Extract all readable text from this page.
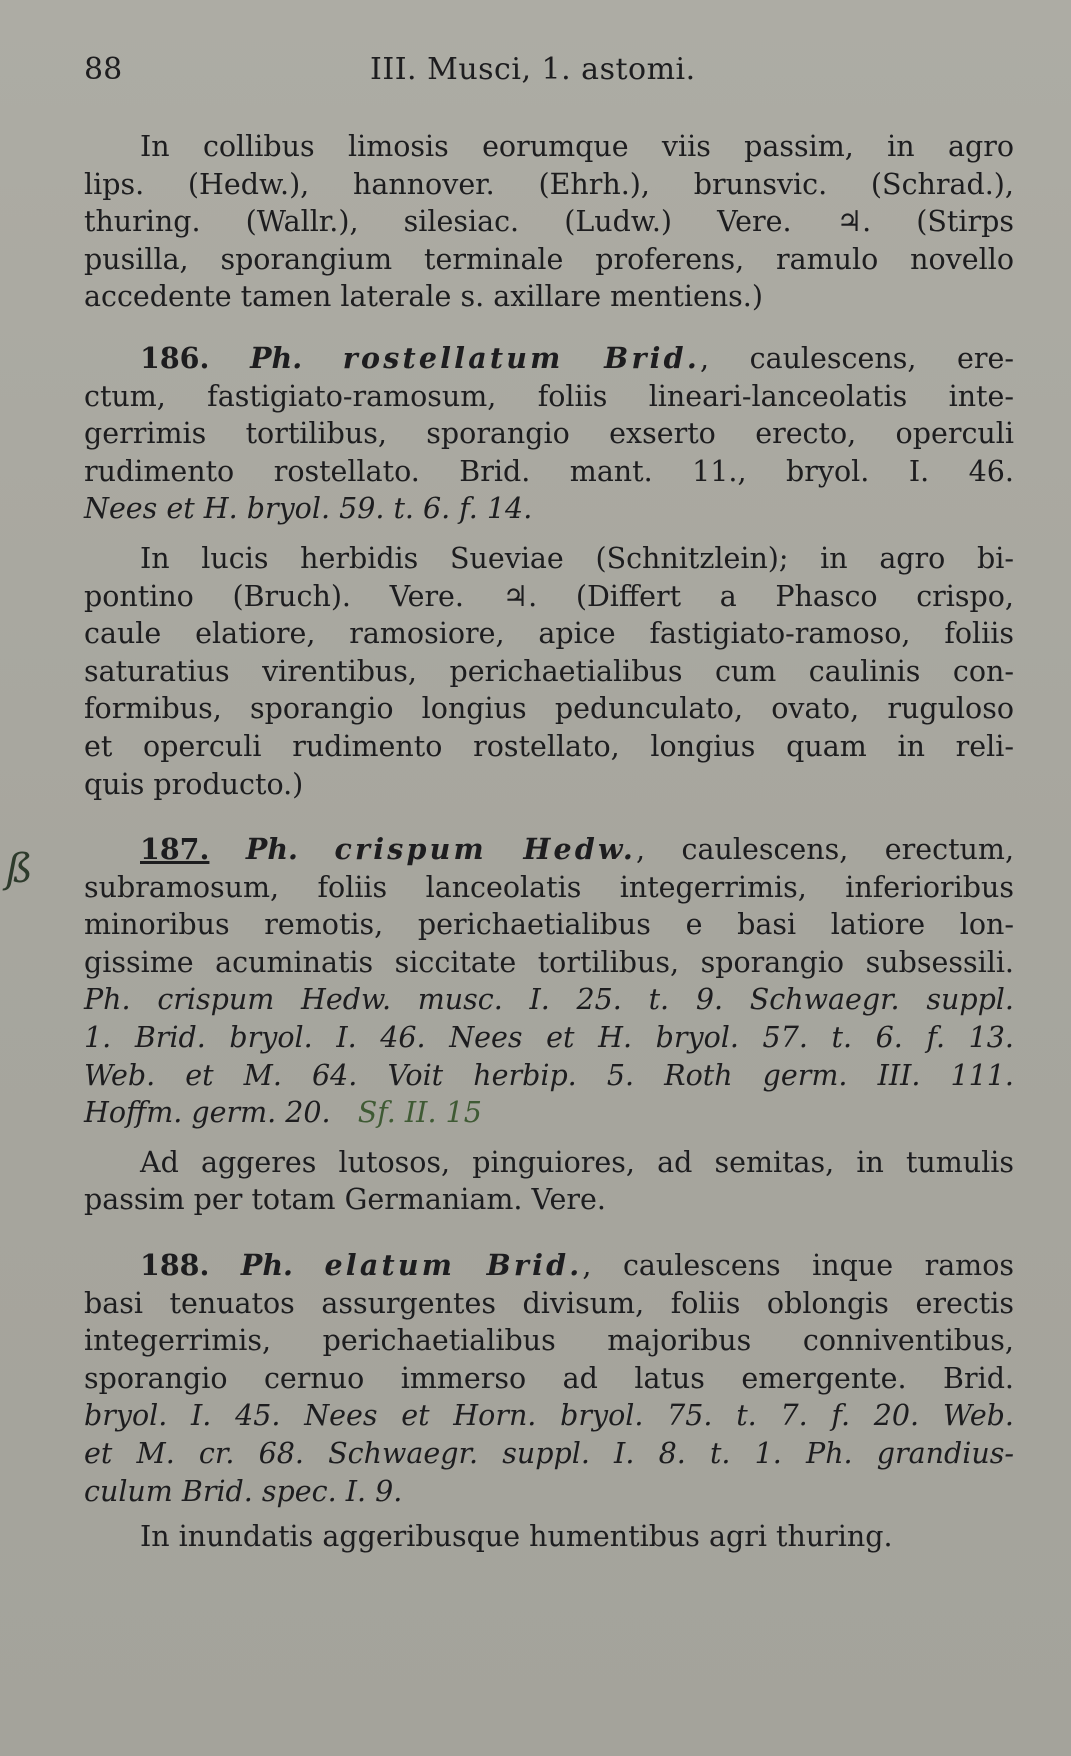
88	III. Musci, 1. astomi.
ß
In collibus limosis eorumque viis passim, in agro
lips. (Hedw.), hannover. (Ehrh.), brunsvic. (Schrad.),
thuring. (Wallr.), silesiac. (Ludw.) Vere. ♃. (Stirps
pusilla, sporangium terminale proferens, ramulo novello
accedente tamen laterale s. axillare mentiens.)
186. Ph. rostellatum Brid., caulescens, ere-
ctum, fastigiato-ramosum, foliis lineari-lanceolatis inte-
gerrimis tortilibus, sporangio exserto erecto, operculi
rudimento rostellato. Brid. mant. 11., bryol. I. 46.
Nees et H. bryol. 59. t. 6. f. 14.
In lucis herbidis Sueviae (Schnitzlein); in agro bi-
pontino (Bruch). Vere. ♃. (Differt a Phasco crispo,
caule elatiore, ramosiore, apice fastigiato-ramoso, foliis
saturatius virentibus, perichaetialibus cum caulinis con-
formibus, sporangio longius pedunculato, ovato, ruguloso
et operculi rudimento rostellato, longius quam in reli-
quis producto.)
187. Ph. crispum Hedw., caulescens, erectum,
subramosum, foliis lanceolatis integerrimis, inferioribus
minoribus remotis, perichaetialibus e basi latiore lon-
gissime acuminatis siccitate tortilibus, sporangio subsessili.
Ph. crispum Hedw. musc. I. 25. t. 9. Schwaegr. suppl.
1. Brid. bryol. I. 46. Nees et H. bryol. 57. t. 6. f. 13.
Web. et M. 64. Voit herbip. 5. Roth germ. III. 111.
Hoffm. germ. 20. Sf. II. 15
Ad aggeres lutosos, pinguiores, ad semitas, in tumulis
passim per totam Germaniam. Vere.
188. Ph. elatum Brid., caulescens inque ramos
basi tenuatos assurgentes divisum, foliis oblongis erectis
integerrimis, perichaetialibus majoribus conniventibus,
sporangio cernuo immerso ad latus emergente. Brid.
bryol. I. 45. Nees et Horn. bryol. 75. t. 7. f. 20. Web.
et M. cr. 68. Schwaegr. suppl. I. 8. t. 1. Ph. grandius-
culum Brid. spec. I. 9.
In inundatis aggeribusque humentibus agri thuring.
